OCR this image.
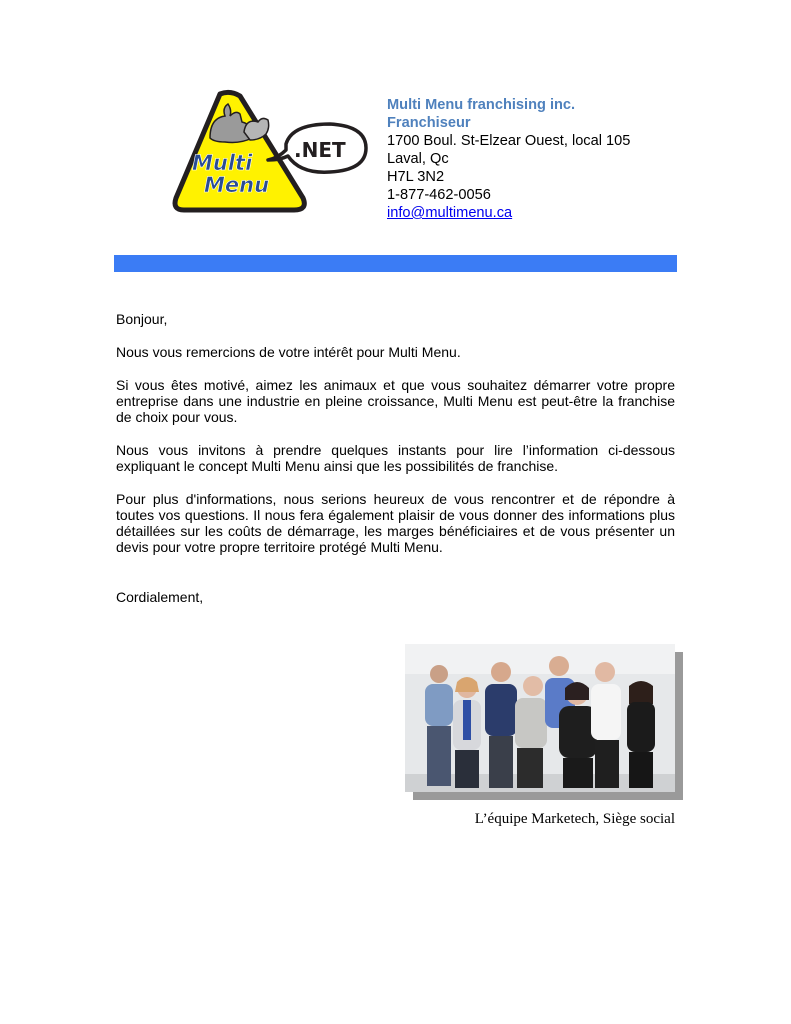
Multi
Menu
.NET
Multi Menu franchising inc.
Franchiseur
1700 Boul. St-Elzear Ouest, local 105
Laval, Qc
H7L 3N2
1-877-462-0056
info@multimenu.ca

Bonjour,

Nous vous remercions de votre intérêt pour Multi Menu.

Si vous êtes motivé, aimez les animaux et que vous souhaitez démarrer votre propre entreprise dans une industrie en pleine croissance, Multi Menu est peut-être la franchise de choix pour vous.

Nous vous invitons à prendre quelques instants pour lire l’information ci-dessous expliquant le concept Multi Menu ainsi que les possibilités de franchise.

Pour plus d'informations, nous serions heureux de vous rencontrer et de répondre à toutes vos questions. Il nous fera également plaisir de vous donner des informations plus détaillées sur les coûts de démarrage, les marges bénéficiaires et de vous présenter un devis pour votre propre territoire protégé Multi Menu.

Cordialement,

L’équipe Marketech, Siège social
